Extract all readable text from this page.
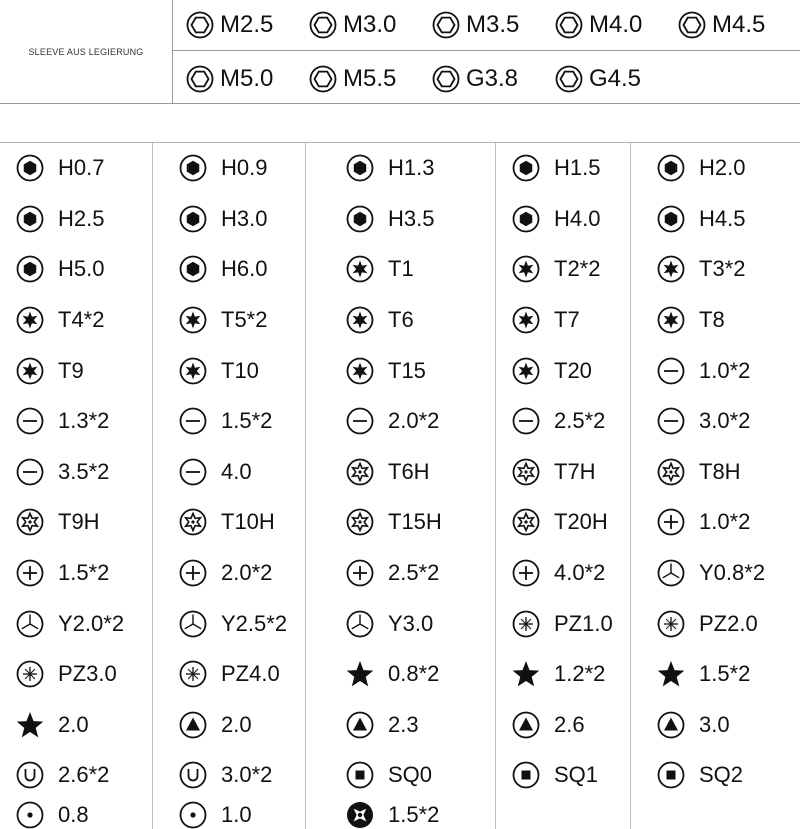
SLEEVE AUS LEGIERUNG
M2.5	M3.0	M3.5	M4.0	M4.5
M5.0	M5.5	G3.8	G4.5
H0.7	H0.9	H1.3	H1.5	H2.0
H2.5	H3.0	H3.5	H4.0	H4.5
H5.0	H6.0	T1	T2*2	T3*2
T4*2	T5*2	T6	T7	T8
T9	T10	T15	T20	1.0*2
1.3*2	1.5*2	2.0*2	2.5*2	3.0*2
3.5*2	4.0	T6H	T7H	T8H
T9H	T10H	T15H	T20H	1.0*2
1.5*2	2.0*2	2.5*2	4.0*2	Y0.8*2
Y2.0*2	Y2.5*2	Y3.0	PZ1.0	PZ2.0
PZ3.0	PZ4.0	0.8*2	1.2*2	1.5*2
2.0	2.0	2.3	2.6	3.0
2.6*2	3.0*2	SQ0	SQ1	SQ2
0.8	1.0	1.5*2
